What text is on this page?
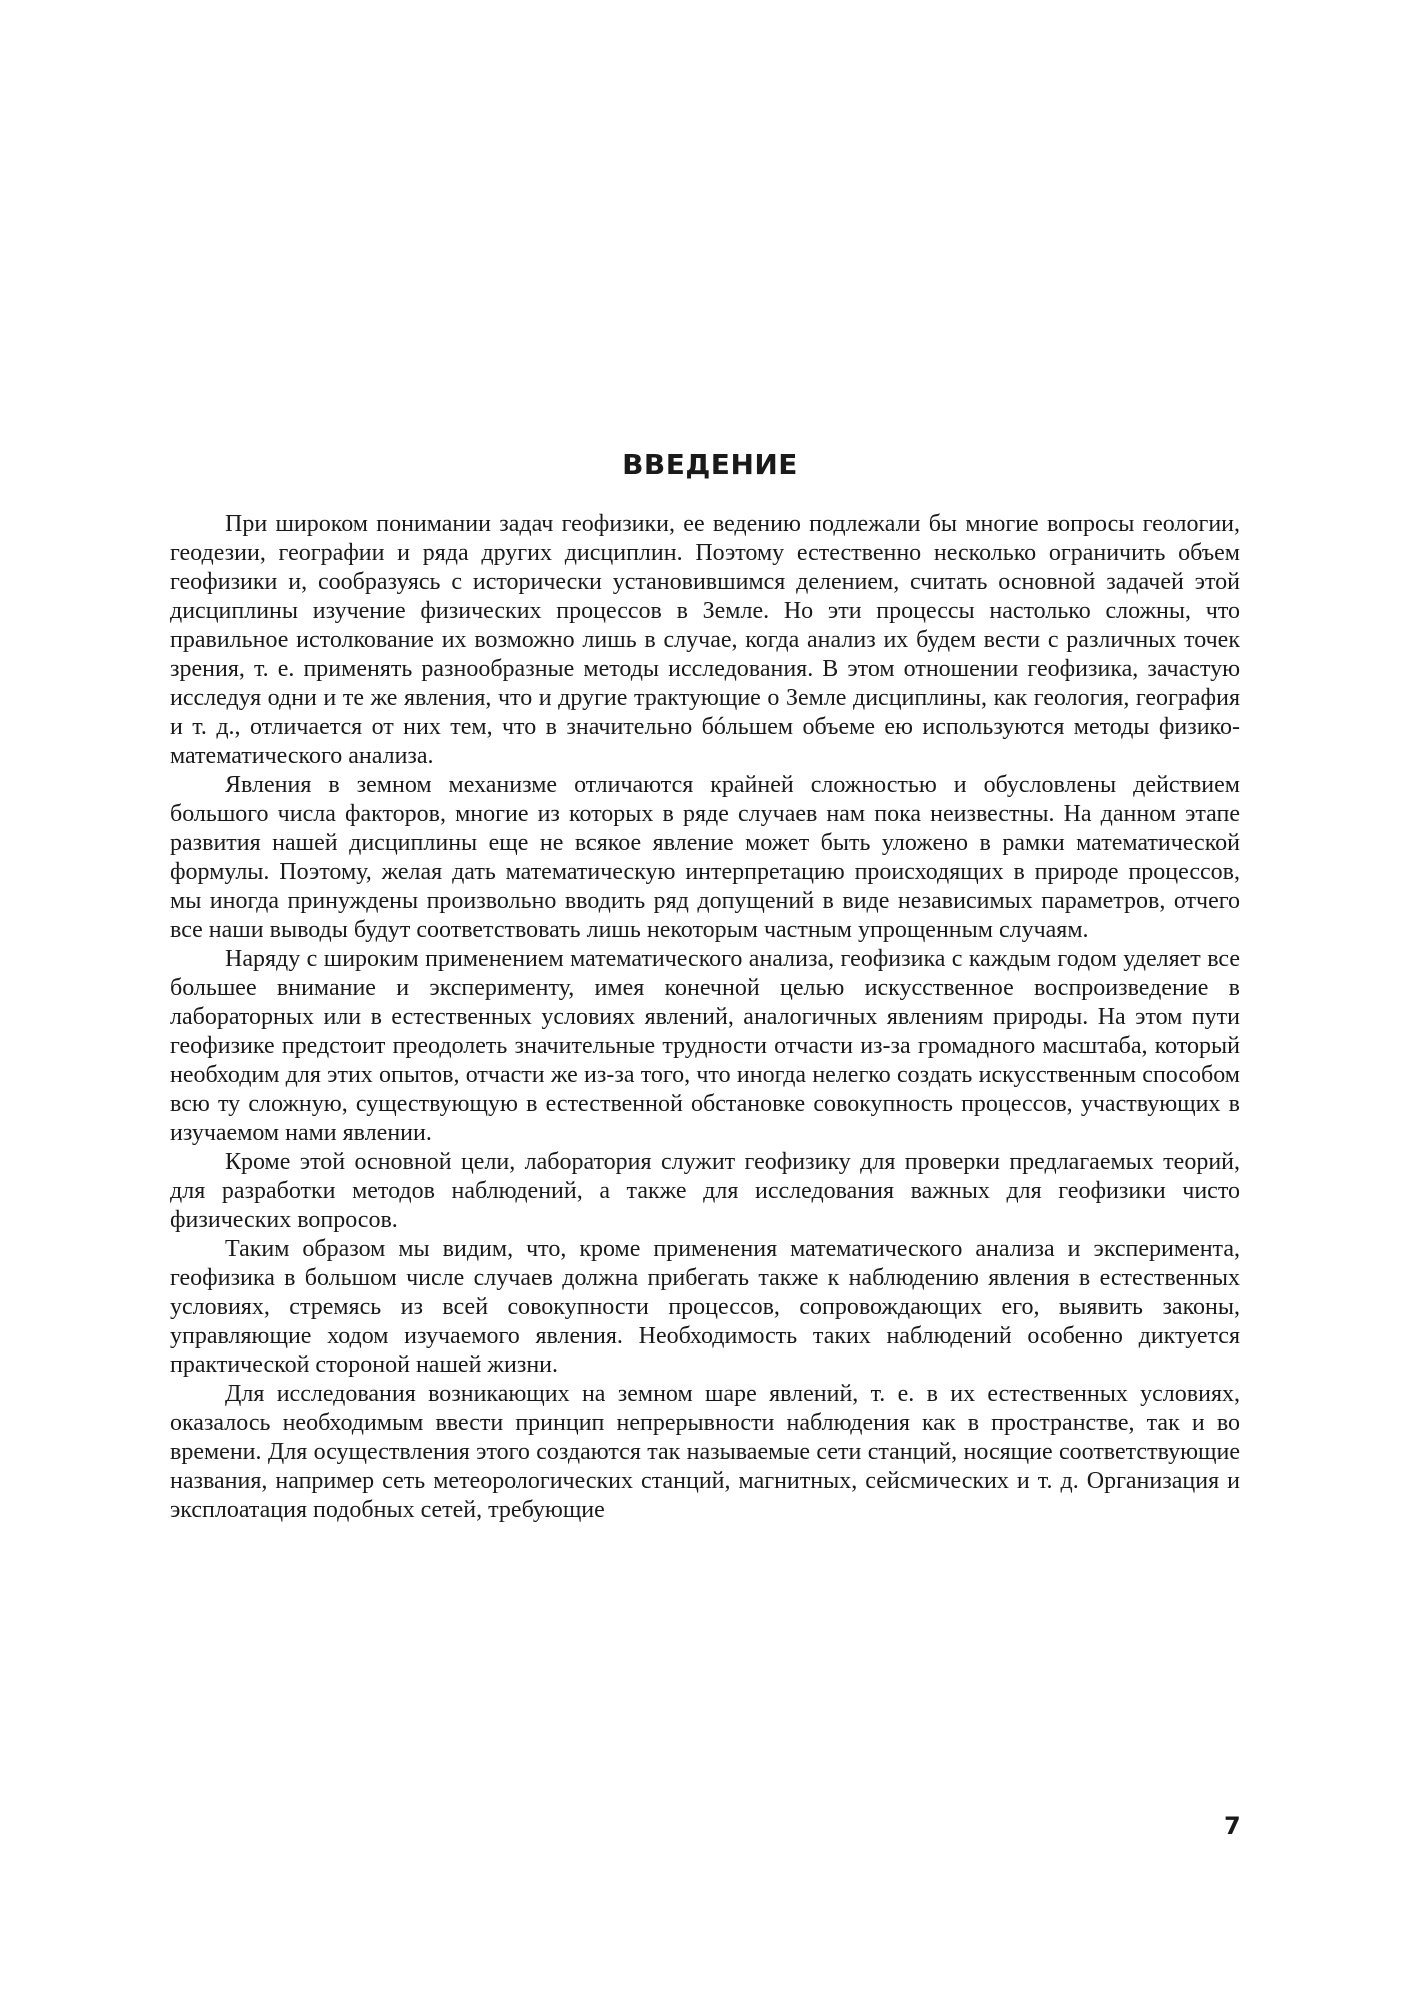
ВВЕДЕНИЕ

При широком понимании задач геофизики, ее ведению подлежали бы многие вопросы геологии, геодезии, географии и ряда других дисциплин. Поэтому естественно несколько ограничить объем геофизики и, сообразуясь с исторически установившимся делением, считать основной задачей этой дисциплины изучение физических процессов в Земле. Но эти процессы настолько сложны, что правильное истолкование их возможно лишь в случае, когда анализ их будем вести с различных точек зрения, т. е. применять разнообразные методы исследования. В этом отношении геофизика, зачастую исследуя одни и те же явления, что и другие трактующие о Земле дисциплины, как геология, география и т. д., отличается от них тем, что в значительно бóльшем объеме ею используются методы физико-математического анализа.

Явления в земном механизме отличаются крайней сложностью и обусловлены действием большого числа факторов, многие из которых в ряде случаев нам пока неизвестны. На данном этапе развития нашей дисциплины еще не всякое явление может быть уложено в рамки математической формулы. Поэтому, желая дать математическую интерпретацию происходящих в природе процессов, мы иногда принуждены произвольно вводить ряд допущений в виде независимых параметров, отчего все наши выводы будут соответствовать лишь некоторым частным упрощенным случаям.

Наряду с широким применением математического анализа, геофизика с каждым годом уделяет все большее внимание и эксперименту, имея конечной целью искусственное воспроизведение в лабораторных или в естественных условиях явлений, аналогичных явлениям природы. На этом пути геофизике предстоит преодолеть значительные трудности отчасти из-за громадного масштаба, который необходим для этих опытов, отчасти же из-за того, что иногда нелегко создать искусственным способом всю ту сложную, существующую в естественной обстановке совокупность процессов, участвующих в изучаемом нами явлении.

Кроме этой основной цели, лаборатория служит геофизику для проверки предлагаемых теорий, для разработки методов наблюдений, а также для исследования важных для геофизики чисто физических вопросов.

Таким образом мы видим, что, кроме применения математического анализа и эксперимента, геофизика в большом числе случаев должна прибегать также к наблюдению явления в естественных условиях, стремясь из всей совокупности процессов, сопровождающих его, выявить законы, управляющие ходом изучаемого явления. Необходимость таких наблюдений особенно диктуется практической стороной нашей жизни.

Для исследования возникающих на земном шаре явлений, т. е. в их естественных условиях, оказалось необходимым ввести принцип непрерывности наблюдения как в пространстве, так и во времени. Для осуществления этого создаются так называемые сети станций, носящие соответствующие названия, например сеть метеорологических станций, магнитных, сейсмических и т. д. Организация и эксплоатация подобных сетей, требующие

7
